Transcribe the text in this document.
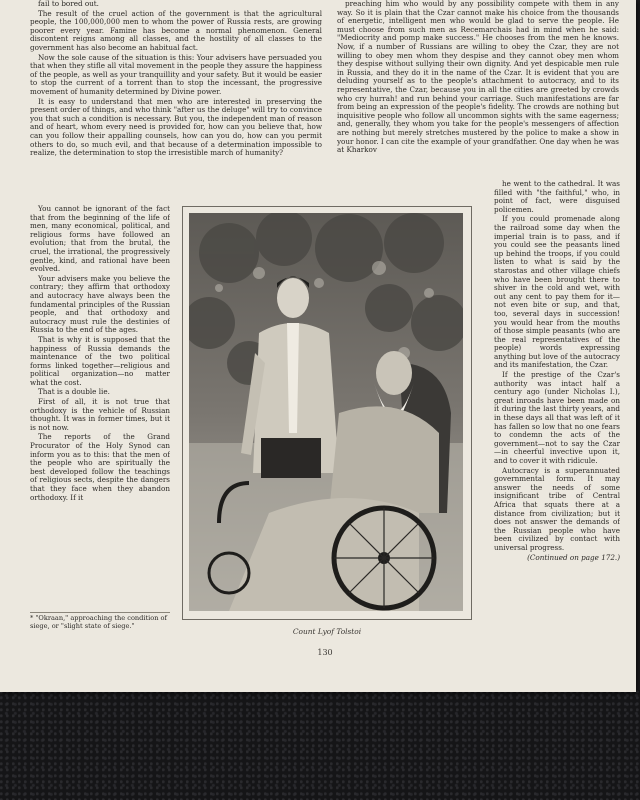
fail to bored out.

The result of the cruel action of the government is that the agricultural people, the 100,000,000 men to whom the power of Russia rests, are growing poorer every year. Famine has become a normal phenomenon. General discontent reigns among all classes, and the hostility of all classes to the government has also become an habitual fact.

Now the sole cause of the situation is this: Your advisers have persuaded you that when they stifle all vital movement in the people they assure the happiness of the people, as well as your tranquillity and your safety. But it would be easier to stop the current of a torrent than to stop the incessant, the progressive movement of humanity determined by Divine power.

It is easy to understand that men who are interested in preserving the present order of things, and who think "after us the deluge" will try to convince you that such a condition is necessary. But you, the independent man of reason and of heart, whom every need is provided for, how can you believe that, how can you follow their appalling counsels, how can you do, how can you permit others to do, so much evil, and that because of a determination impossible to realize, the determination to stop the irresistible march of humanity?

preaching him who would by any possibility compete with them in any way. So it is plain that the Czar cannot make his choice from the thousands of energetic, intelligent men who would be glad to serve the people. He must choose from such men as Recemarchais had in mind when he said: "Mediocrity and pomp make success." He chooses from the men he knows. Now, if a number of Russians are willing to obey the Czar, they are not willing to obey men whom they despise and they cannot obey men whom they despise without sullying their own dignity. And yet despicable men rule in Russia, and they do it in the name of the Czar. It is evident that you are deluding yourself as to the people's attachment to autocracy, and to its representative, the Czar, because you in all the cities are greeted by crowds who cry hurrah! and run behind your carriage. Such manifestations are far from being an expression of the people's fidelity. The crowds are nothing but inquisitive people who follow all uncommon sights with the same eagerness; and, generally, they whom you take for the people's messengers of affection are nothing but merely stretches mustered by the police to make a show in your honor. I can cite the example of your grandfather. One day when he was at Kharkov

You cannot be ignorant of the fact that from the beginning of the life of men, many economical, political, and religious forms have followed an evolution; that from the brutal, the cruel, the irrational, the progressively gentle, kind, and rational have been evolved.

Your advisers make you believe the contrary; they affirm that orthodoxy and autocracy have always been the fundamental principles of the Russian people, and that orthodoxy and autocracy must rule the destinies of Russia to the end of the ages.

That is why it is supposed that the happiness of Russia demands the maintenance of the two political forms linked together—religious and political organization—no matter what the cost.

That is a double lie.

First of all, it is not true that orthodoxy is the vehicle of Russian thought. It was in former times, but it is not now.

The reports of the Grand Procurator of the Holy Synod can inform you as to this: that the men of the people who are spiritually the best developed follow the teachings of religious sects, despite the dangers that they face when they abandon orthodoxy. If it

he went to the cathedral. It was filled with "the faithful," who, in point of fact, were disguised policemen.

If you could promenade along the railroad some day when the imperial train is to pass, and if you could see the peasants lined up behind the troops, if you could listen to what is said by the starostas and other village chiefs who have been brought there to shiver in the cold and wet, with out any cent to pay them for it—not even bite or sup, and that, too, several days in succession! you would hear from the mouths of those simple peasants (who are the real representatives of the people) words expressing anything but love of the autocracy and its manifestation, the Czar.

If the prestige of the Czar's authority was intact half a century ago (under Nicholas I.), great inroads have been made on it during the last thirty years, and in these days all that was left of it has fallen so low that no one fears to condemn the acts of the government—not to say the Czar—in cheerful invective upon it, and to cover it with ridicule.

Autocracy is a superannuated governmental form. It may answer the needs of some insignificant tribe of Central Africa that squats there at a distance from civilization; but it does not answer the demands of the Russian people who have been civilized by contact with universal progress.

(Continued on page 172.)

* "Okraan," approaching the condition of siege, or "slight state of siege."
Count Lyof Tolstoi
130
